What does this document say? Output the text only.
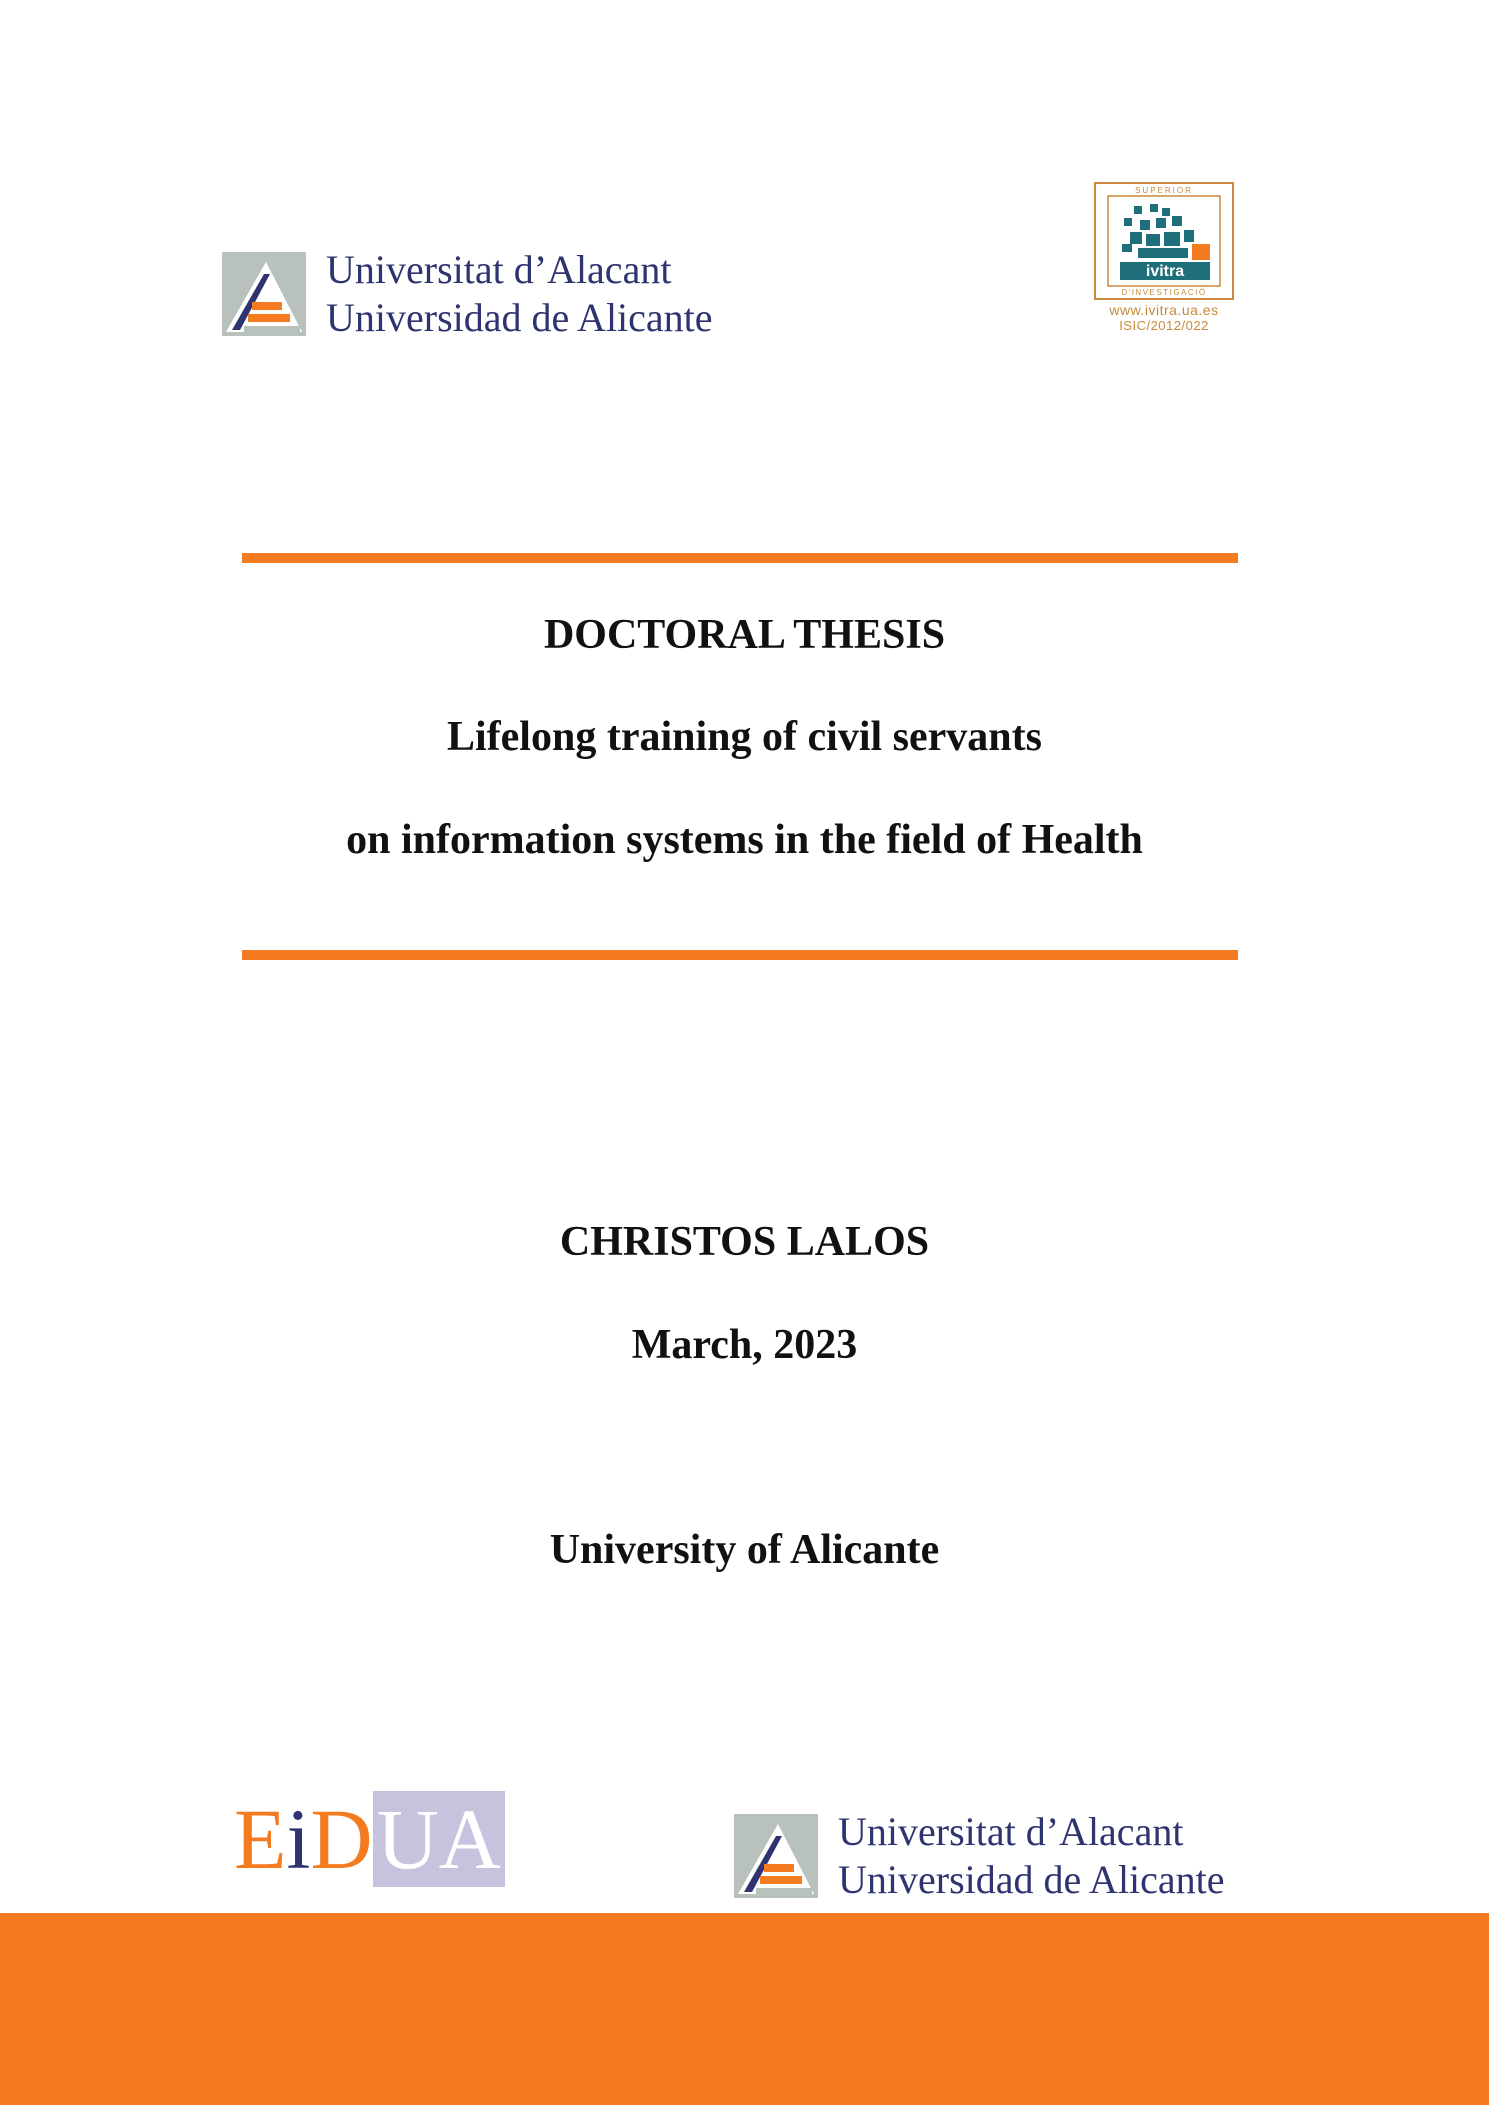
Universitat d’Alacant
Universidad de Alicante
ivitra
SUPERIOR
D'INVESTIGACIÓ
www.ivitra.ua.es
ISIC/2012/022
DOCTORAL THESIS
Lifelong training of civil servants
on information systems in the field of Health
CHRISTOS LALOS
March, 2023
University of Alicante
EiDUA	Universitat d’Alacant
Universidad de Alicante
